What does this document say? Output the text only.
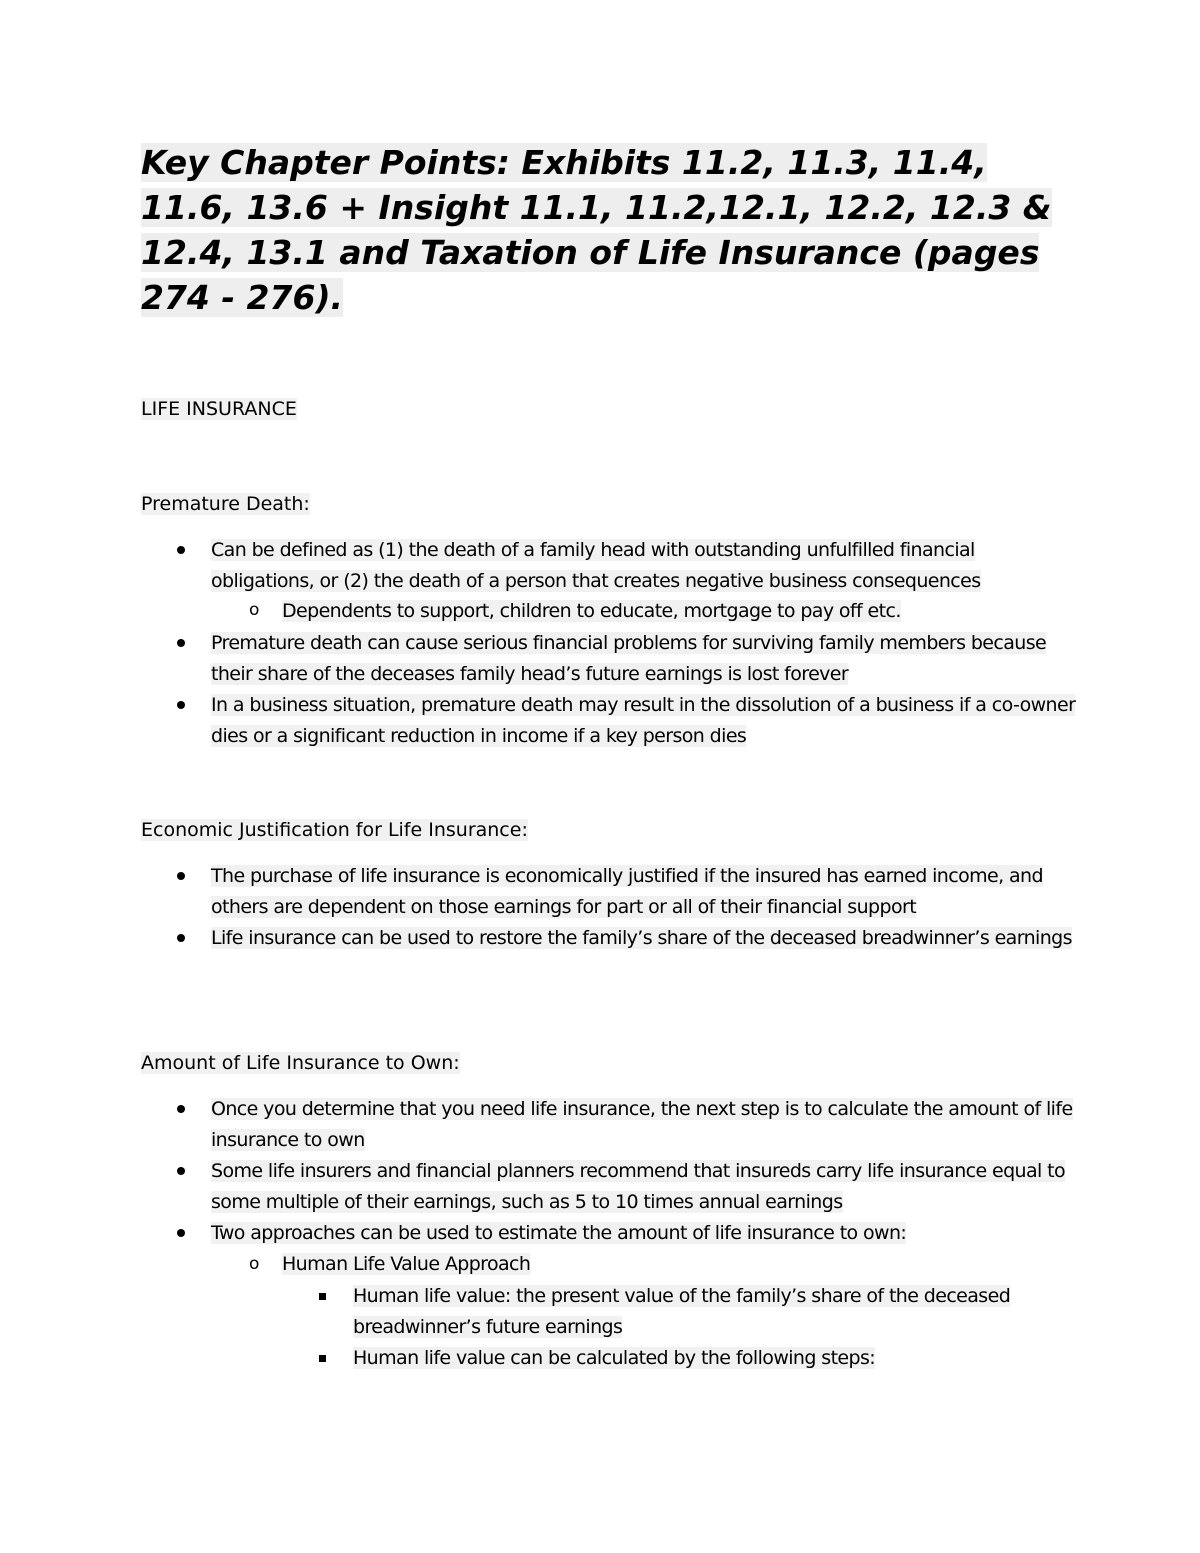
Key Chapter Points: Exhibits 11.2, 11.3, 11.4, 11.6, 13.6 + Insight 11.1, 11.2,12.1, 12.2, 12.3 & 12.4, 13.1 and Taxation of Life Insurance (pages 274 - 276).

LIFE INSURANCE

Premature Death:

Can be defined as (1) the death of a family head with outstanding unfulfilled financial obligations, or (2) the death of a person that creates negative business consequences

o Dependents to support, children to educate, mortgage to pay off etc.

Premature death can cause serious financial problems for surviving family members because their share of the deceases family head’s future earnings is lost forever

In a business situation, premature death may result in the dissolution of a business if a co-owner dies or a significant reduction in income if a key person dies

Economic Justification for Life Insurance:

The purchase of life insurance is economically justified if the insured has earned income, and others are dependent on those earnings for part or all of their financial support

Life insurance can be used to restore the family’s share of the deceased breadwinner’s earnings

Amount of Life Insurance to Own:

Once you determine that you need life insurance, the next step is to calculate the amount of life insurance to own

Some life insurers and financial planners recommend that insureds carry life insurance equal to some multiple of their earnings, such as 5 to 10 times annual earnings

Two approaches can be used to estimate the amount of life insurance to own:

o Human Life Value Approach

Human life value: the present value of the family’s share of the deceased breadwinner’s future earnings

Human life value can be calculated by the following steps:
